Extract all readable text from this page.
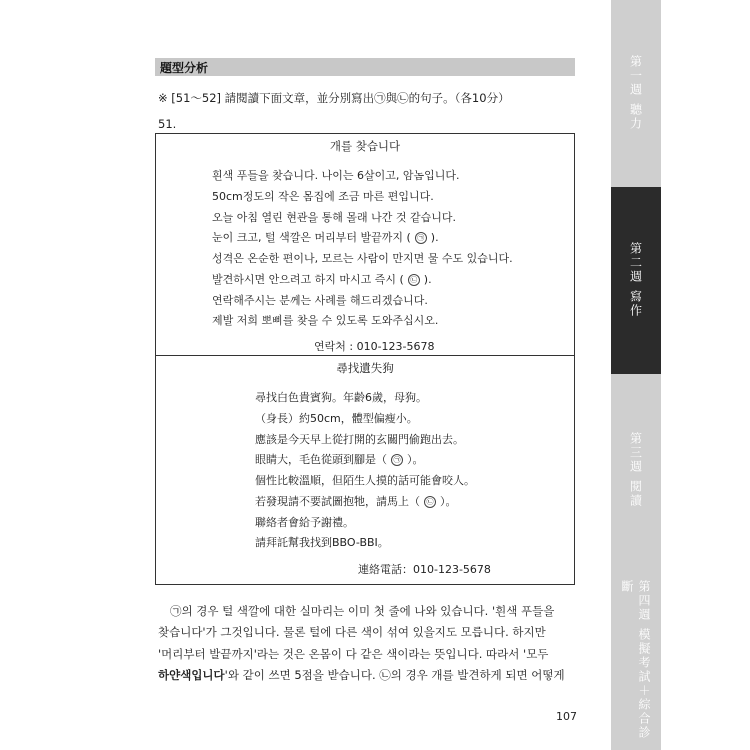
題型分析
※ [51～52] 請閱讀下面文章，並分別寫出㉠與㉡的句子。（各10分）
51.
개를 찾습니다
흰색 푸들을 찾습니다. 나이는 6살이고, 암놈입니다.
50cm정도의 작은 몸집에 조금 마른 편입니다.
오늘 아침 열린 현관을 통해 몰래 나간 것 같습니다.
눈이 크고, 털 색깔은 머리부터 발끝까지 ( ㉠ ).
성격은 온순한 편이나, 모르는 사람이 만지면 물 수도 있습니다.
발견하시면 안으려고 하지 마시고 즉시 ( ㉡ ).
연락해주시는 분께는 사례를 해드리겠습니다.
제발 저희 뽀삐를 찾을 수 있도록 도와주십시오.
연락처 : 010-123-5678
尋找遺失狗
尋找白色貴賓狗。年齡6歲，母狗。
（身長）約50cm，體型偏瘦小。
應該是今天早上從打開的玄關門偷跑出去。
眼睛大，毛色從頭到腳是（ ㉠ ）。
個性比較溫順，但陌生人摸的話可能會咬人。
若發現請不要試圖抱牠，請馬上（ ㉡ ）。
聯絡者會給予謝禮。
請拜託幫我找到BBO-BBI。
連絡電話：010-123-5678
㉠의 경우 털 색깔에 대한 실마리는 이미 첫 줄에 나와 있습니다. '흰색 푸들을
찾습니다'가 그것입니다. 물론 털에 다른 색이 섞여 있을지도 모릅니다. 하지만
'머리부터 발끝까지'라는 것은 온몸이 다 같은 색이라는 뜻입니다. 따라서 '모두
하얀색입니다'와 같이 쓰면 5점을 받습니다. ㉡의 경우 개를 발견하게 되면 어떻게
107
第一週 聽力
第二週 寫作
第三週 閱讀
第四週 模擬考試＋綜合診斷
